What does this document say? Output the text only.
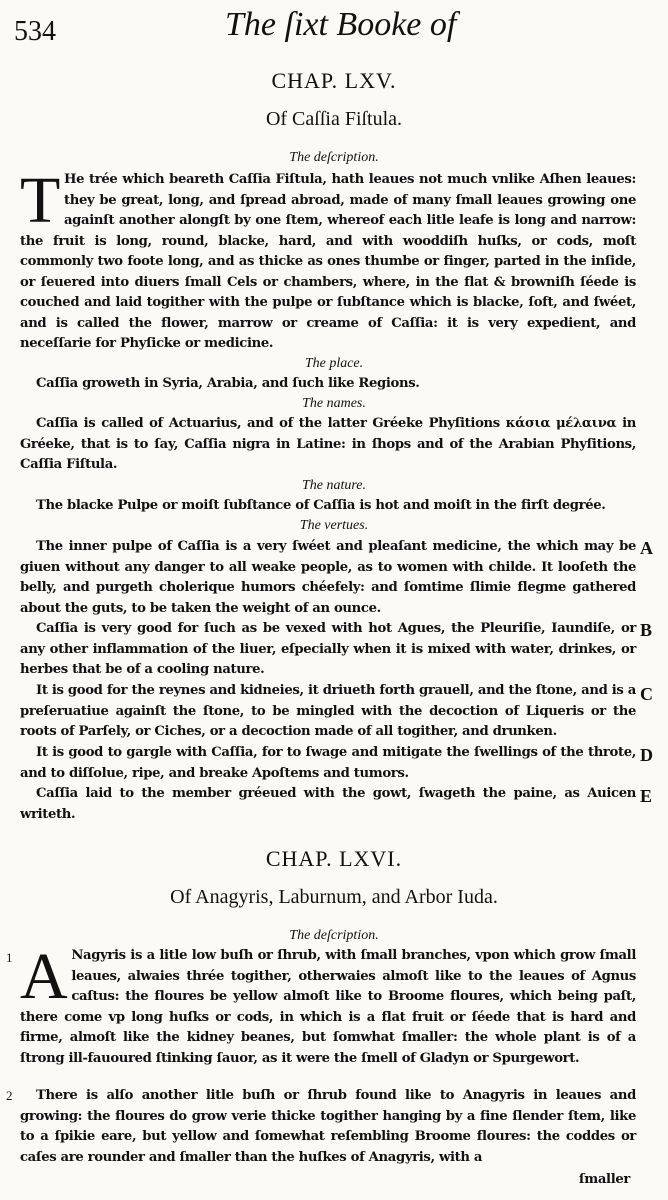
534	The ſixt Booke of
CHAP. LXV.
Of Caſſia Fiſtula.
The deſcription.
T He trée which beareth Caſſia Fiſtula, hath leaues not much vnlike Aſhen leaues: they be great, long, and ſpread abroad, made of many ſmall leaues growing one againſt another alongſt by one ſtem, whereof each litle leafe is long and narrow: the fruit is long, round, blacke, hard, and with wooddiſh huſks, or cods, moſt commonly two foote long, and as thicke as ones thumbe or finger, parted in the inſide, or ſeuered into diuers ſmall Cels or chambers, where, in the flat & browniſh ſéede is couched and laid togither with the pulpe or ſubſtance which is blacke, ſoft, and ſwéet, and is called the flower, marrow or creame of Caſſia: it is very expedient, and neceſſarie for Phyſicke or medicine.
The place.
Caſſia groweth in Syria, Arabia, and ſuch like Regions.
The names.
Caſſia is called of Actuarius, and of the latter Gréeke Phyſitions κάσια μέλαινα in Gréeke, that is to ſay, Caſſia nigra in Latine: in ſhops and of the Arabian Phyſitions, Caſſia Fiſtula.
The nature.
The blacke Pulpe or moiſt ſubſtance of Caſſia is hot and moiſt in the firſt degrée.
The vertues.
The inner pulpe of Caſſia is a very ſwéet and pleaſant medicine, the which may be giuen without any danger to all weake people, as to women with childe. It looſeth the belly, and purgeth cholerique humors chéefely: and ſomtime ſlimie flegme gathered about the guts, to be taken the weight of an ounce.
Caſſia is very good for ſuch as be vexed with hot Agues, the Pleuriſie, Iaundiſe, or any other inflammation of the liuer, eſpecially when it is mixed with water, drinkes, or herbes that be of a cooling nature.
It is good for the reynes and kidneies, it driueth forth grauell, and the ſtone, and is a preſeruatiue againſt the ſtone, to be mingled with the decoction of Liqueris or the roots of Parſely, or Ciches, or a decoction made of all togither, and drunken.
It is good to gargle with Caſſia, for to ſwage and mitigate the ſwellings of the throte, and to diſſolue, ripe, and breake Apoſtems and tumors.
Caſſia laid to the member gréeued with the gowt, ſwageth the paine, as Auicen writeth.
A
B
C
D
E
CHAP. LXVI.
Of Anagyris, Laburnum, and Arbor Iuda.
The deſcription.
1 A Nagyris is a litle low buſh or ſhrub, with ſmall branches, vpon which grow ſmall leaues, alwaies thrée togither, otherwaies almoſt like to the leaues of Agnus caſtus: the floures be yellow almoſt like to Broome floures, which being paſt, there come vp long huſks or cods, in which is a flat fruit or ſéede that is hard and firme, almoſt like the kidney beanes, but ſomwhat ſmaller: the whole plant is of a ſtrong ill-fauoured ſtinking ſauor, as it were the ſmell of Gladyn or Spurgewort.
2	There is alſo another litle buſh or ſhrub found like to Anagyris in leaues and growing: the floures do grow verie thicke togither hanging by a fine ſlender ſtem, like to a ſpikie eare, but yellow and ſomewhat reſembling Broome floures: the coddes or caſes are rounder and ſmaller than the huſkes of Anagyris, with a
ſmaller
